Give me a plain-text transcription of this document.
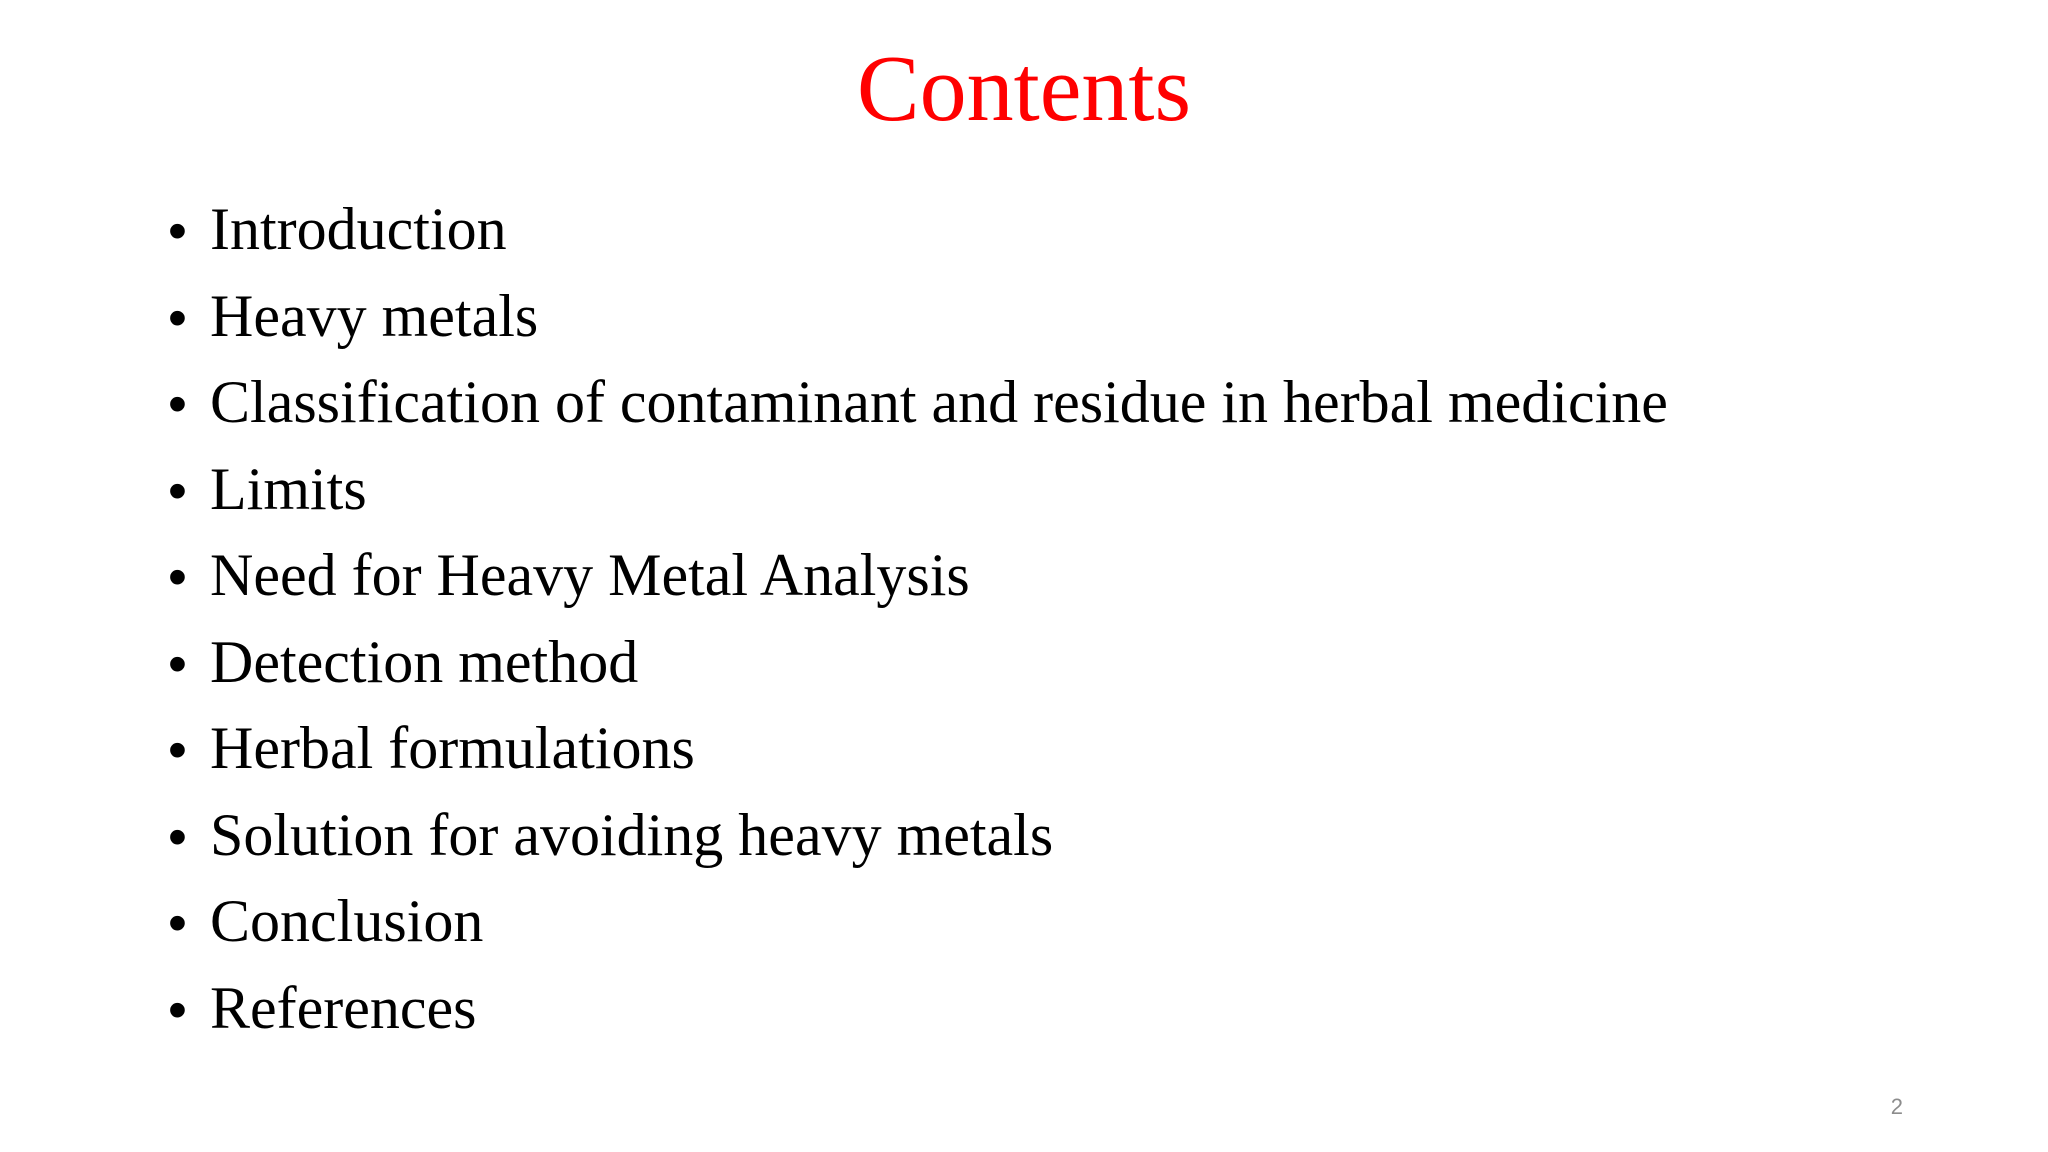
Contents
• Introduction
• Heavy metals
• Classification of contaminant and residue in herbal medicine
• Limits
• Need for Heavy Metal Analysis
• Detection method
• Herbal formulations
• Solution for avoiding heavy metals
• Conclusion
• References
2
